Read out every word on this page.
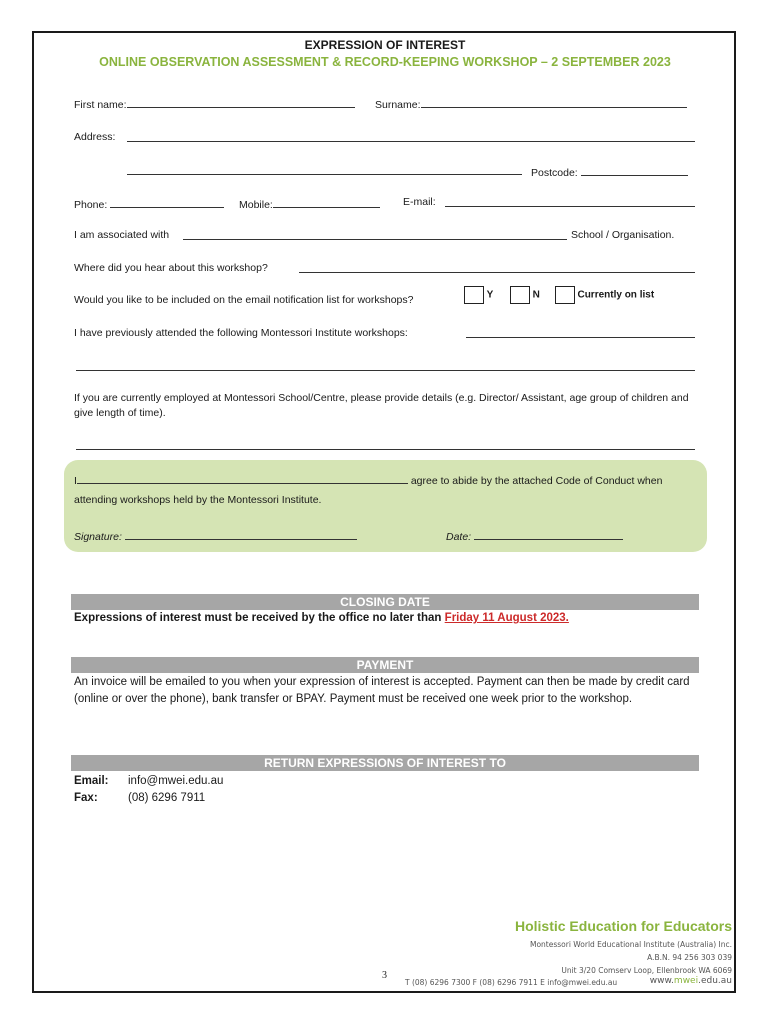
EXPRESSION OF INTEREST
ONLINE OBSERVATION ASSESSMENT & RECORD-KEEPING WORKSHOP – 2 SEPTEMBER 2023
First name:	Surname:
Address:
Postcode:
Phone:	Mobile:	E-mail:
I am associated with	School / Organisation.
Where did you hear about this workshop?
Would you like to be included on the email notification list for workshops?	Y	N	Currently on list
I have previously attended the following Montessori Institute workshops:
If you are currently employed at Montessori School/Centre, please provide details (e.g. Director/ Assistant, age group of children and give length of time).
I	agree to abide by the attached Code of Conduct when
attending workshops held by the Montessori Institute.
Signature:	Date:
CLOSING DATE
Expressions of interest must be received by the office no later than Friday 11 August 2023.
PAYMENT
An invoice will be emailed to you when your expression of interest is accepted. Payment can then be made by credit card (online or over the phone), bank transfer or BPAY. Payment must be received one week prior to the workshop.
RETURN EXPRESSIONS OF INTEREST TO
Email: info@mwei.edu.au
Fax:	(08) 6296 7911
Holistic Education for Educators
Montessori World Educational Institute (Australia) Inc.
A.B.N. 94 256 303 039
Unit 3/20 Comserv Loop, Ellenbrook WA 6069
3
T (08) 6296 7300 F (08) 6296 7911 E info@mwei.edu.au	www.mwei.edu.au
